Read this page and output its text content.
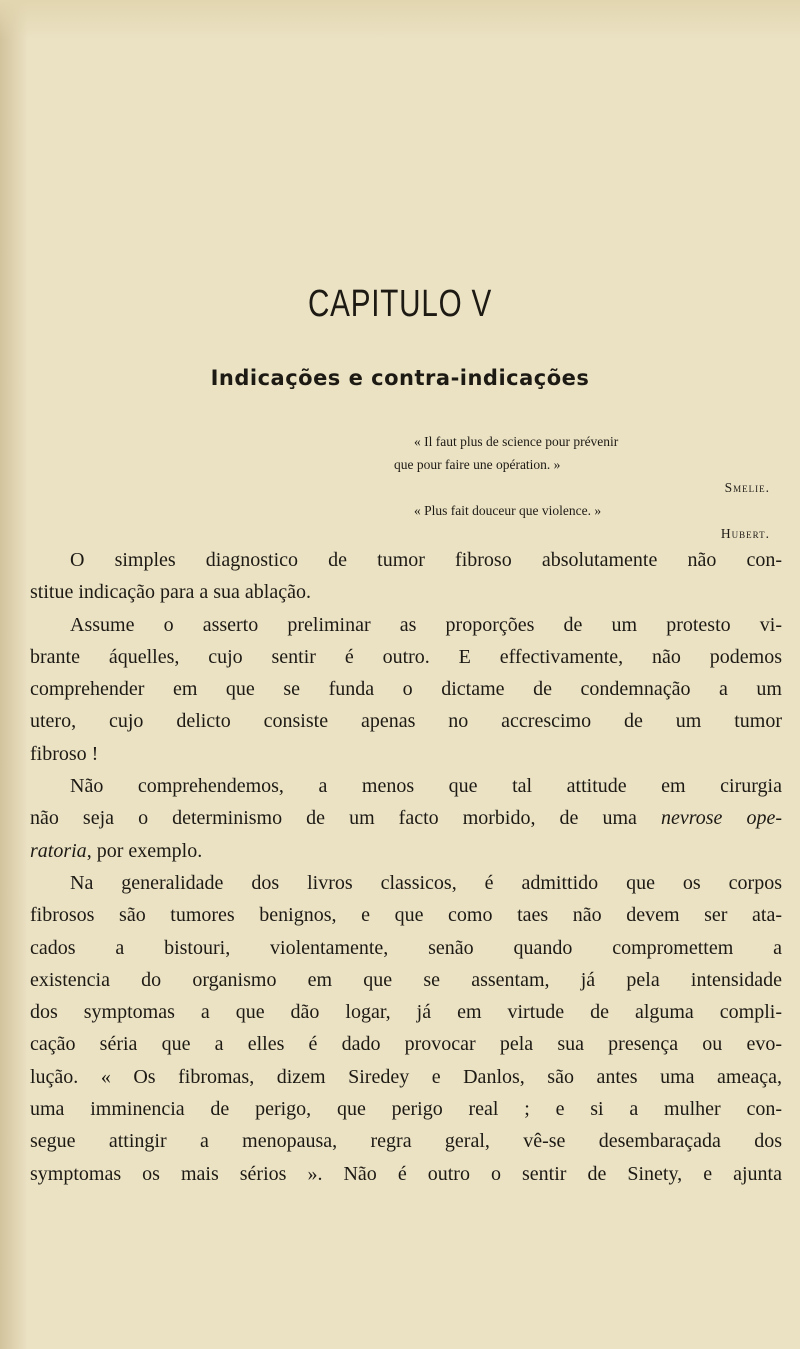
CAPITULO V
Indicações e contra-indicações

« Il faut plus de science pour prévenir

que pour faire une opération. »

Smelie.

« Plus fait douceur que violence. »

Hubert.

O simples diagnostico de tumor fibroso absolutamente não con-
stitue indicação para a sua ablação.

Assume o asserto preliminar as proporções de um protesto vi-
brante áquelles, cujo sentir é outro. E effectivamente, não podemos
comprehender em que se funda o dictame de condemnação a um
utero, cujo delicto consiste apenas no accrescimo de um tumor
fibroso !

Não comprehendemos, a menos que tal attitude em cirurgia
não seja o determinismo de um facto morbido, de uma nevrose ope-
ratoria, por exemplo.

Na generalidade dos livros classicos, é admittido que os corpos
fibrosos são tumores benignos, e que como taes não devem ser ata-
cados a bistouri, violentamente, senão quando compromettem a
existencia do organismo em que se assentam, já pela intensidade
dos symptomas a que dão logar, já em virtude de alguma compli-
cação séria que a elles é dado provocar pela sua presença ou evo-
lução. « Os fibromas, dizem Siredey e Danlos, são antes uma ameaça,
uma imminencia de perigo, que perigo real ; e si a mulher con-
segue attingir a menopausa, regra geral, vê-se desembaraçada dos
symptomas os mais sérios ». Não é outro o sentir de Sinety, e ajunta
